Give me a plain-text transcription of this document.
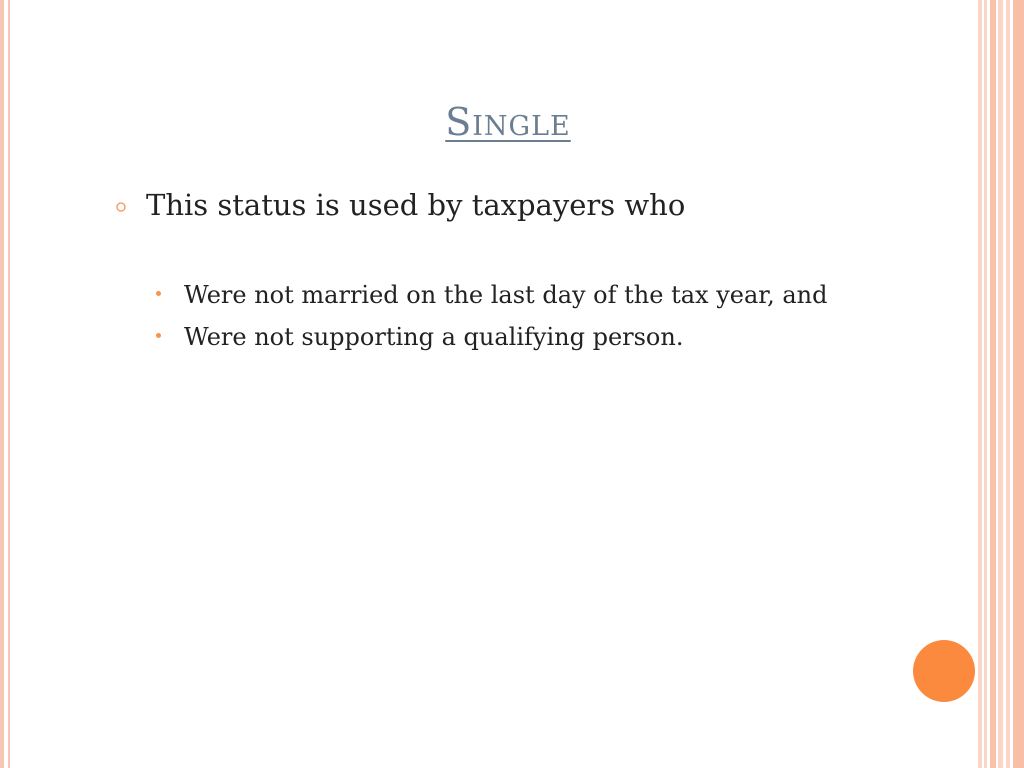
Single
This status is used by taxpayers who
Were not married on the last day of the tax year, and
Were not supporting a qualifying person.
